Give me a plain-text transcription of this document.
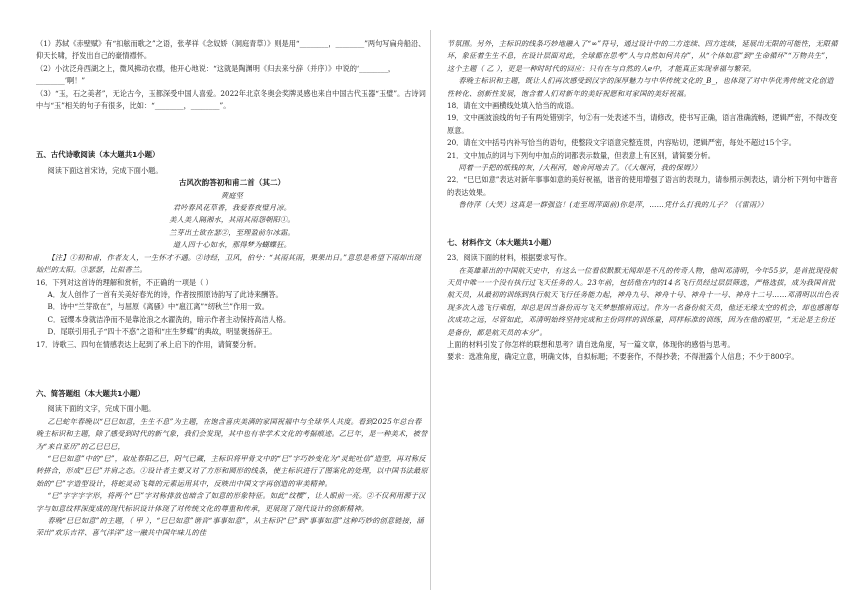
（1）苏轼《赤壁赋》有“扣舷而歌之”之语，张孝祥《念奴娇（洞庭青草）》则是用“________，________”两句写扁舟船沿、仰天长啸，抒发出自己的豪情襟怀。

（2）小沈泛舟西湖之上，微风拂动衣襟，他开心地说：“这就是陶渊明《归去来兮辞（并序）》中说的‘________，________’啊！”

（3）“玉，石之美者”，无论古今，玉都深受中国人喜爱。2022年北京冬奥会奖牌灵感也来自中国古代玉器“玉璧”。古诗词中与“玉”相关的句子有很多，比如：“________，________”。

五、古代诗歌阅读（本大题共1小题）

阅读下面这首宋诗，完成下面小题。

古风次韵答初和甫二首（其二）

黄庭坚

君吟春风花草香，我爱春夜璧月凉。

美人美人隔湘水，其雨其雨怨朝阳①。

兰芽出土欲在瑟②，至理盈前尔冰霜。

道人四十心如水，那得梦为蝴蝶狂。

【注】①初和甫，作者友人，一生怀才不遇。②诗经，卫风，伯兮：“其雨其雨，果果出日。”意思是希望下雨却出现灿烂的太阳。③瑟瑟，比拟香兰。

16．下列对这首诗的理解和赏析，不正确的一项是（ ）

A．友人创作了一首有关美好春光的诗，作者按照原诗韵写了此诗来酬答。

B．诗中“兰芽欲在”，与屈原《离骚》中“扈江离”“纫秋兰”作用一致。

C．冠缨本身就洁净而不是靠沧浪之水濯洗的，暗示作者主动保持高洁人格。

D．尾联引用孔子“四十不惑”之语和“庄生梦蝶”的典故，明显褒扬辞王。

17．诗歌三、四句在情感表达上起到了承上启下的作用，请简要分析。

六、简答题组（本大题共1小题）

阅读下面的文字，完成下面小题。

乙巳蛇年春晚以“巳巳如意，生生不息”为主题，在饱含喜庆美满的家国祝福中与全球华人共度。看到2025年总台春晚主标识和主题，除了感受到时代的新气象，我们会发现，其中也有非学术文化的考据痕迹。乙巳年，是一种美术，被誉为“来自亚历”的乙巳巳巳，

“巳巳如意”中的“巳”，取址春阳乙巳，阴气已藏，主标识将甲骨文中的“巳”字巧妙变化为“灵蛇吐信”造型，再对称反转拼合，形成“巳巳”并肩之态。①设计者主要又对了方形和圆形的线条，使主标识进行了图案化的处理，以中国书法最原始的“巳”字造型设计，将蛇灵动飞舞的元素运用其中，反映出中国文字再创造的审美精神。

“巳”字字字字形，将两个“巳”字对称排放也暗含了如意的形象特征。如此“纹樱”，让人眼前一亮。②不仅利用源于汉字与如意纹样深度成的现代标识设计体现了对传统文化的尊重和传承，更展现了现代设计的创新精神。

春晚“巳巳如意”的主题，（ 甲 ），“巳巳如意”谐音“事事如意”，从主标识“巳”到“事事如意”这种巧妙的创意链接，涵荣出“欢乐吉祥、喜气洋洋”这一融共中国年味儿的佳

节氛围。另外，主标识的线条巧妙地融入了“∞”符号，通过设计中的二方连续、四方连续，延展出无限的可能性，无限循环，象征着生生不息，在设计层面对此，全球都在思考“人与自然如何共存”，从“个体如意”到“生命循环”“万物共生”，这个主题（ 乙 ），更是一种时时代的回应：只有在与自然的人e中，才能真正实现幸福与繁荣。

春晚主标识和主题，既让人们再次感受到汉字的深厚魅力与中华传统文化的_B_，也体现了对中华优秀传统文化创造性转化、创新性发展，饱含着人们对新年的美好祝愿和对家国的美好祝福。

18．请在文中画横线处填入恰当的成语。

19．文中画波浪线的句子有两处错别字，句②有一处表述不当，请修改，使书写正确，语言准确流畅，逻辑严密，不得改变原意。

20．请在文中括号内补写恰当的语句，使整段文字语意完整连贯，内容贴切，逻辑严密，每处不超过15个字。

21．文中加点的词与下列句中加点的词都表示数量，但表意上有区别，请简要分析。

同着一手把的纸钱的灰，/大程河，她舍河地去了。（《大堰河，我的保姆》）

22．“巳巳如意”表达对新年事事如意的美好祝福，谐音的使用增强了语言的表现力，请参照示例表达，请分析下列句中谐音的表达效果。

鲁侍萍（大笑）这真是一群强盗！(走至周萍面前)你是萍，……凭什么打我的儿子？（《雷雨》）

七、材料作文（本大题共1小题）

23．阅读下面的材料，根据要求写作。

在英雄辈出的中国航天史中，有这么一位看似默默无闻却是不凡的传奇人物，他叫邓清明，今年55岁，是首批现役航天员中唯一一个没有执行过飞天任务的人。23年前，包括他在内的14名飞行员经过层层筛选，严格选拔，成为我国首批航天员，从最初的训练到执行航天飞行任务能力起，神舟九号、神舟十号、神舟十一号、神舟十二号……邓清明以出色表现多次入选飞行乘组，却总是因当备份而与飞天梦想擦肩而过。作为一名备份航天员，他还无缘太空的机会，却也感谢每次成功之远，尽管如此，邓清明始终坚持完成和主份同样的训练量，同样标准的训练，因为在他的眼里，“无论是主份还是备份，都是航天员的本分”。

上面的材料引发了你怎样的联想和思考？请自选角度，写一篇文章，体现你的感悟与思考。

要求：选准角度，确定立意，明确文体，自拟标题；不要套作，不得抄袭；不得泄露个人信息；不少于800字。
